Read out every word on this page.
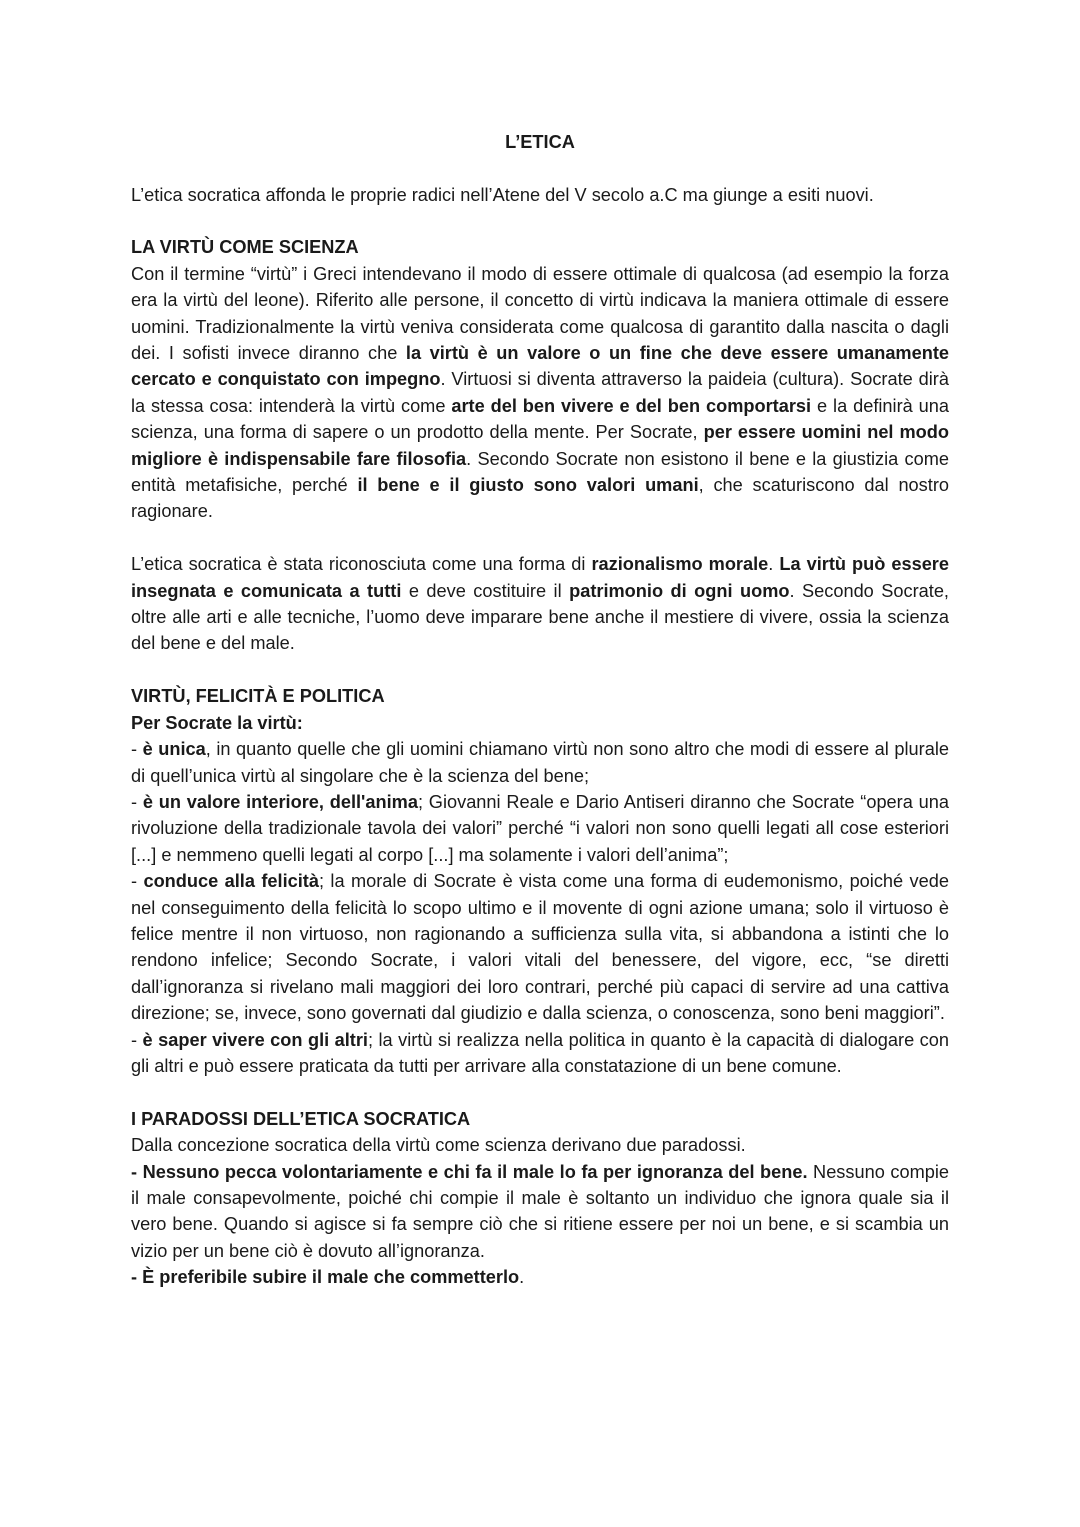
L’ETICA

L’etica socratica affonda le proprie radici nell’Atene del V secolo a.C ma giunge a esiti nuovi.

LA VIRTÙ COME SCIENZA

Con il termine “virtù” i Greci intendevano il modo di essere ottimale di qualcosa (ad esempio la forza era la virtù del leone). Riferito alle persone, il concetto di virtù indicava la maniera ottimale di essere uomini. Tradizionalmente la virtù veniva considerata come qualcosa di garantito dalla nascita o dagli dei. I sofisti invece diranno che la virtù è un valore o un fine che deve essere umanamente cercato e conquistato con impegno. Virtuosi si diventa attraverso la paideia (cultura). Socrate dirà la stessa cosa: intenderà la virtù come arte del ben vivere e del ben comportarsi e la definirà una scienza, una forma di sapere o un prodotto della mente. Per Socrate, per essere uomini nel modo migliore è indispensabile fare filosofia. Secondo Socrate non esistono il bene e la giustizia come entità metafisiche, perché il bene e il giusto sono valori umani, che scaturiscono dal nostro ragionare.

L’etica socratica è stata riconosciuta come una forma di razionalismo morale. La virtù può essere insegnata e comunicata a tutti e deve costituire il patrimonio di ogni uomo. Secondo Socrate, oltre alle arti e alle tecniche, l’uomo deve imparare bene anche il mestiere di vivere, ossia la scienza del bene e del male.

VIRTÙ, FELICITÀ E POLITICA

Per Socrate la virtù:

- è unica, in quanto quelle che gli uomini chiamano virtù non sono altro che modi di essere al plurale di quell’unica virtù al singolare che è la scienza del bene;

- è un valore interiore, dell'anima; Giovanni Reale e Dario Antiseri diranno che Socrate “opera una rivoluzione della tradizionale tavola dei valori” perché “i valori non sono quelli legati all cose esteriori [...] e nemmeno quelli legati al corpo [...] ma solamente i valori dell’anima”;

- conduce alla felicità; la morale di Socrate è vista come una forma di eudemonismo, poiché vede nel conseguimento della felicità lo scopo ultimo e il movente di ogni azione umana; solo il virtuoso è felice mentre il non virtuoso, non ragionando a sufficienza sulla vita, si abbandona a istinti che lo rendono infelice; Secondo Socrate, i valori vitali del benessere, del vigore, ecc, “se diretti dall’ignoranza si rivelano mali maggiori dei loro contrari, perché più capaci di servire ad una cattiva direzione; se, invece, sono governati dal giudizio e dalla scienza, o conoscenza, sono beni maggiori”.

- è saper vivere con gli altri; la virtù si realizza nella politica in quanto è la capacità di dialogare con gli altri e può essere praticata da tutti per arrivare alla constatazione di un bene comune.

I PARADOSSI DELL’ETICA SOCRATICA

Dalla concezione socratica della virtù come scienza derivano due paradossi.

- Nessuno pecca volontariamente e chi fa il male lo fa per ignoranza del bene. Nessuno compie il male consapevolmente, poiché chi compie il male è soltanto un individuo che ignora quale sia il vero bene. Quando si agisce si fa sempre ciò che si ritiene essere per noi un bene, e si scambia un vizio per un bene ciò è dovuto all’ignoranza.

- È preferibile subire il male che commetterlo.
